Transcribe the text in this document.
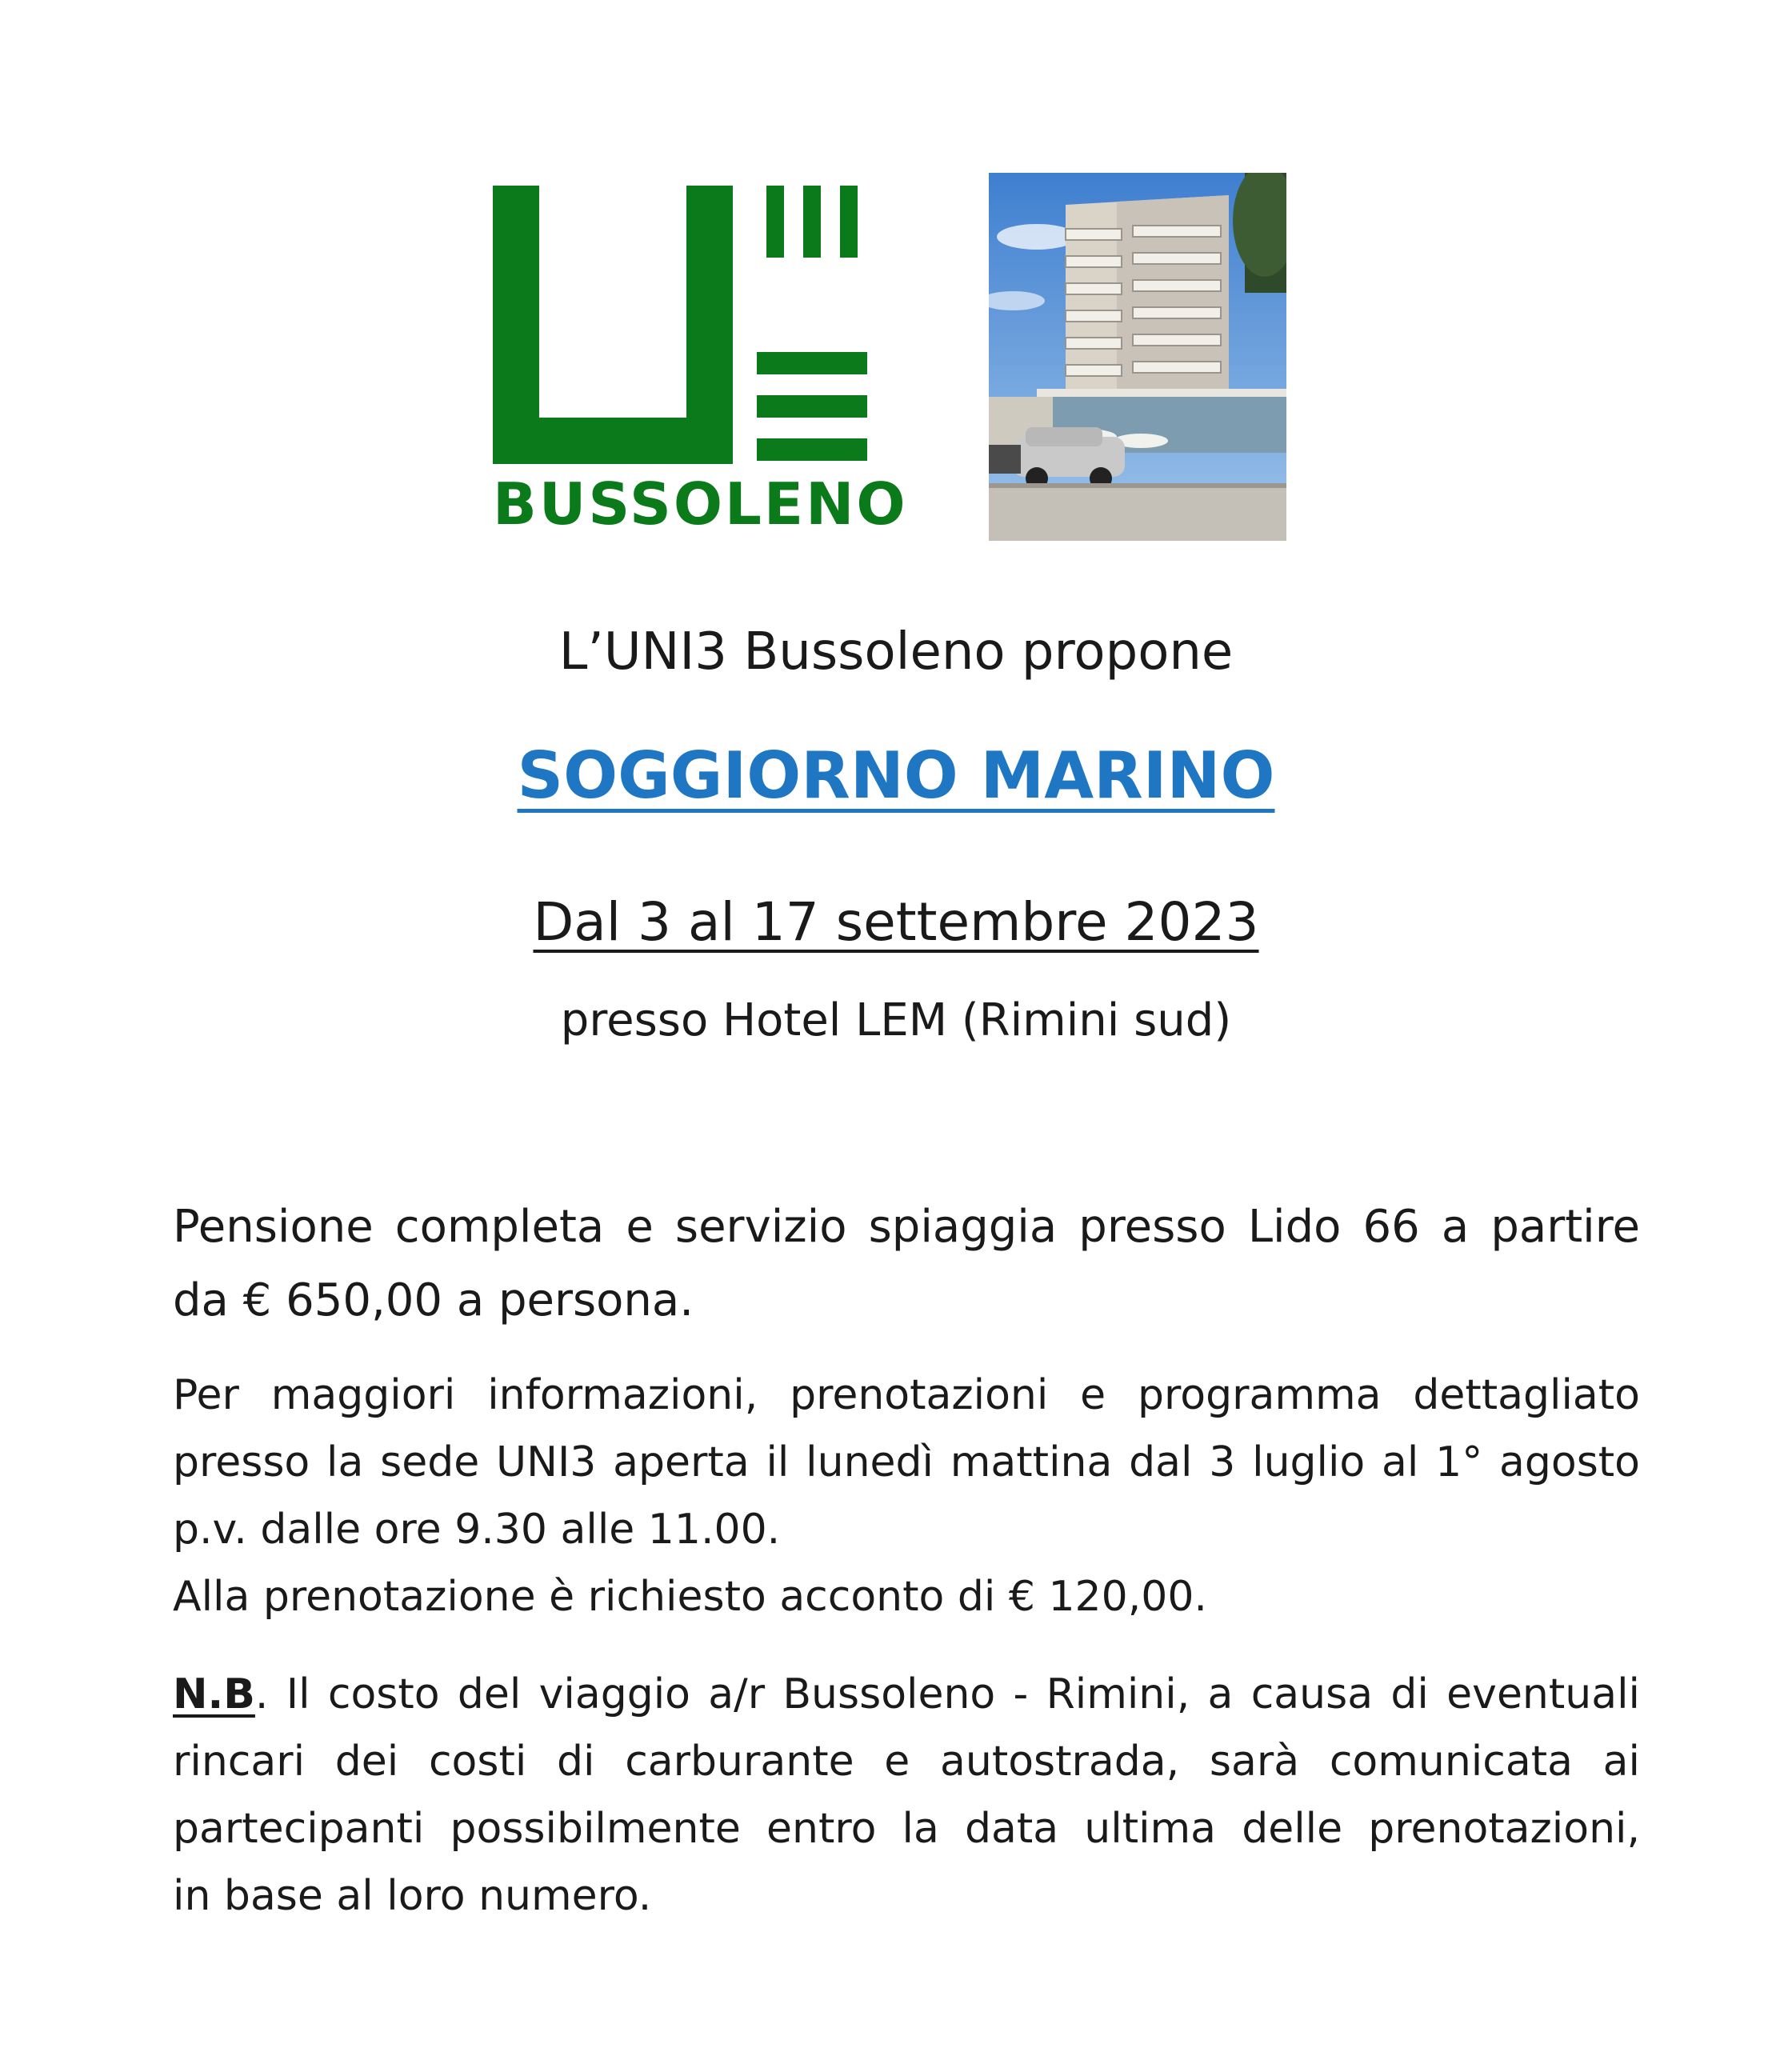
BUSSOLENO
L’UNI3 Bussoleno propone
SOGGIORNO MARINO
Dal 3 al 17 settembre 2023
presso Hotel LEM (Rimini sud)
Pensione completa e servizio spiaggia presso Lido 66 a partire
da € 650,00 a persona.
Per maggiori informazioni, prenotazioni e programma dettagliato
presso la sede UNI3 aperta il lunedì mattina dal 3 luglio al 1° agosto
p.v. dalle ore 9.30 alle 11.00.
Alla prenotazione è richiesto acconto di € 120,00.
N.B. Il costo del viaggio a/r Bussoleno - Rimini, a causa di eventuali
rincari dei costi di carburante e autostrada, sarà comunicata ai
partecipanti possibilmente entro la data ultima delle prenotazioni,
in base al loro numero.
